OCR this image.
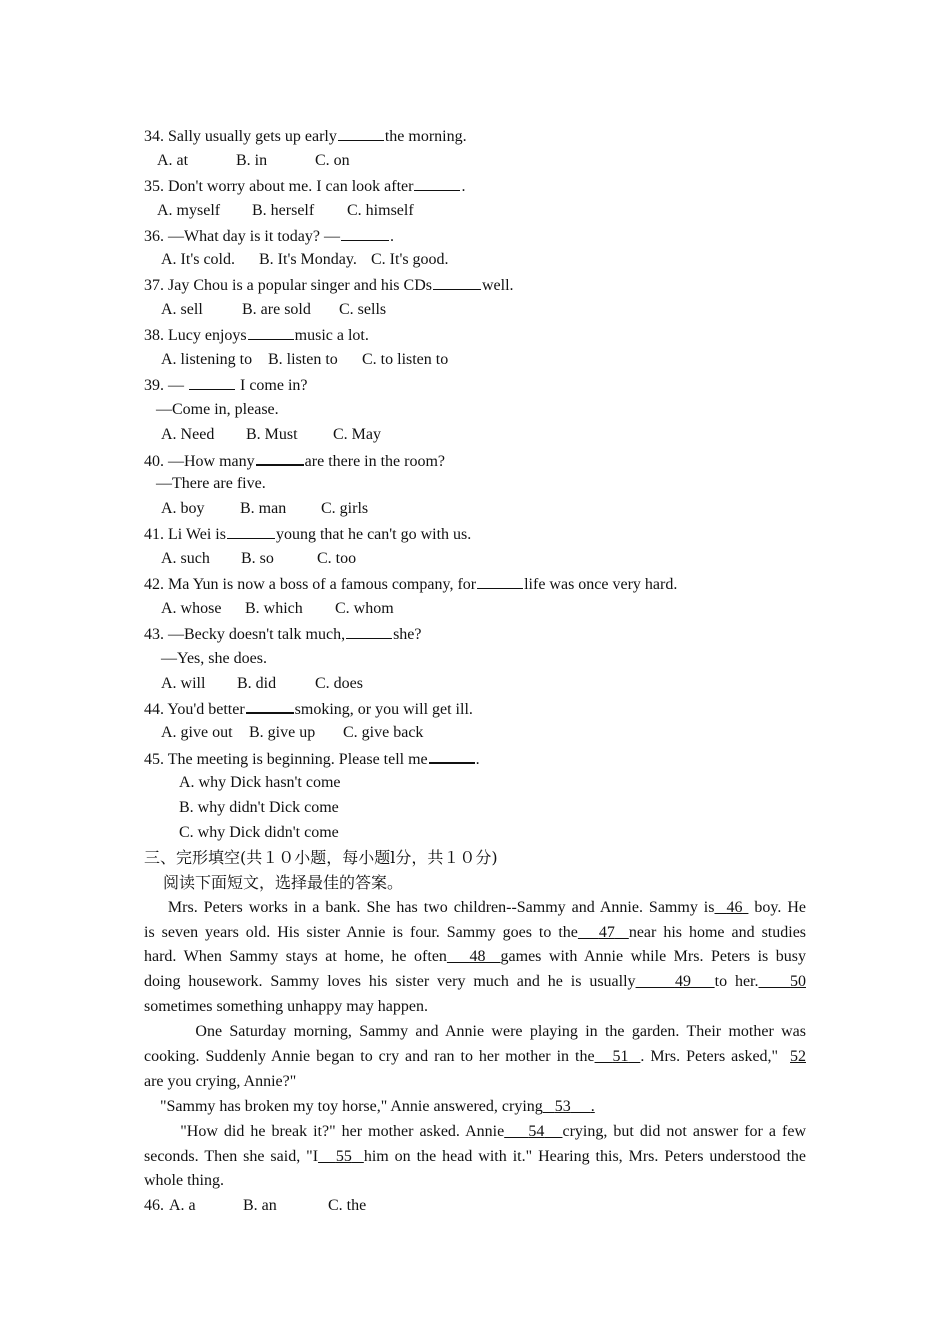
34. Sally usually gets up early	the morning.
A. at	B. in	C. on
35. Don't worry about me. I can look after	.
A. myself B. herself C. himself
36. —What day is it today? —	.
A. It's cold. B. It's Monday. C. It's good.
37. Jay Chou is a popular singer and his CDs	well.
A. sell B. are sold C. sells
38. Lucy enjoys	music a lot.
A. listening to B. listen to C. to listen to
39. —	I come in?
—Come in, please.
A. Need B. Must C. May
40. —How many	are there in the room?
—There are five.
A. boy B. man C. girls
41. Li Wei is	young that he can't go with us.
A. such B. so	C. too
42. Ma Yun is now a boss of a famous company, for	life was once very hard.
A. whose B. which C. whom
43. —Becky doesn't talk much,	she?
—Yes, she does.
A. will B. did C. does
44. You'd better	smoking, or you will get ill.
A. give out B. give up C. give back
45. The meeting is beginning. Please tell me	.
A. why Dick hasn't come
B. why didn't Dick come
C. why Dick didn't come
三、完形填空(共１０小题，每小题l分，共１０分)
阅读下面短文，选择最佳的答案。
Mrs. Peters works in a bank. She has two children--Sammy and Annie. Sammy is 46 boy. He
is seven years old. His sister Annie is four. Sammy goes to the 47 near his home and studies
hard. When Sammy stays at home, he often 48 games with Annie while Mrs. Peters is busy
doing housework. Sammy loves his sister very much and he is usually 49 to her. 50
sometimes something unhappy may happen.
One Saturday morning, Sammy and Annie were playing in the garden. Their mother was
cooking. Suddenly Annie began to cry and ran to her mother in the 51 . Mrs. Peters asked," 52
are you crying, Annie?"
"Sammy has broken my toy horse," Annie answered, crying 53 .
"How did he break it?" her mother asked. Annie 54 crying, but did not answer for a few
seconds. Then she said, "I 55 him on the head with it." Hearing this, Mrs. Peters understood the
whole thing.
46. A. a	B. an	C. the
